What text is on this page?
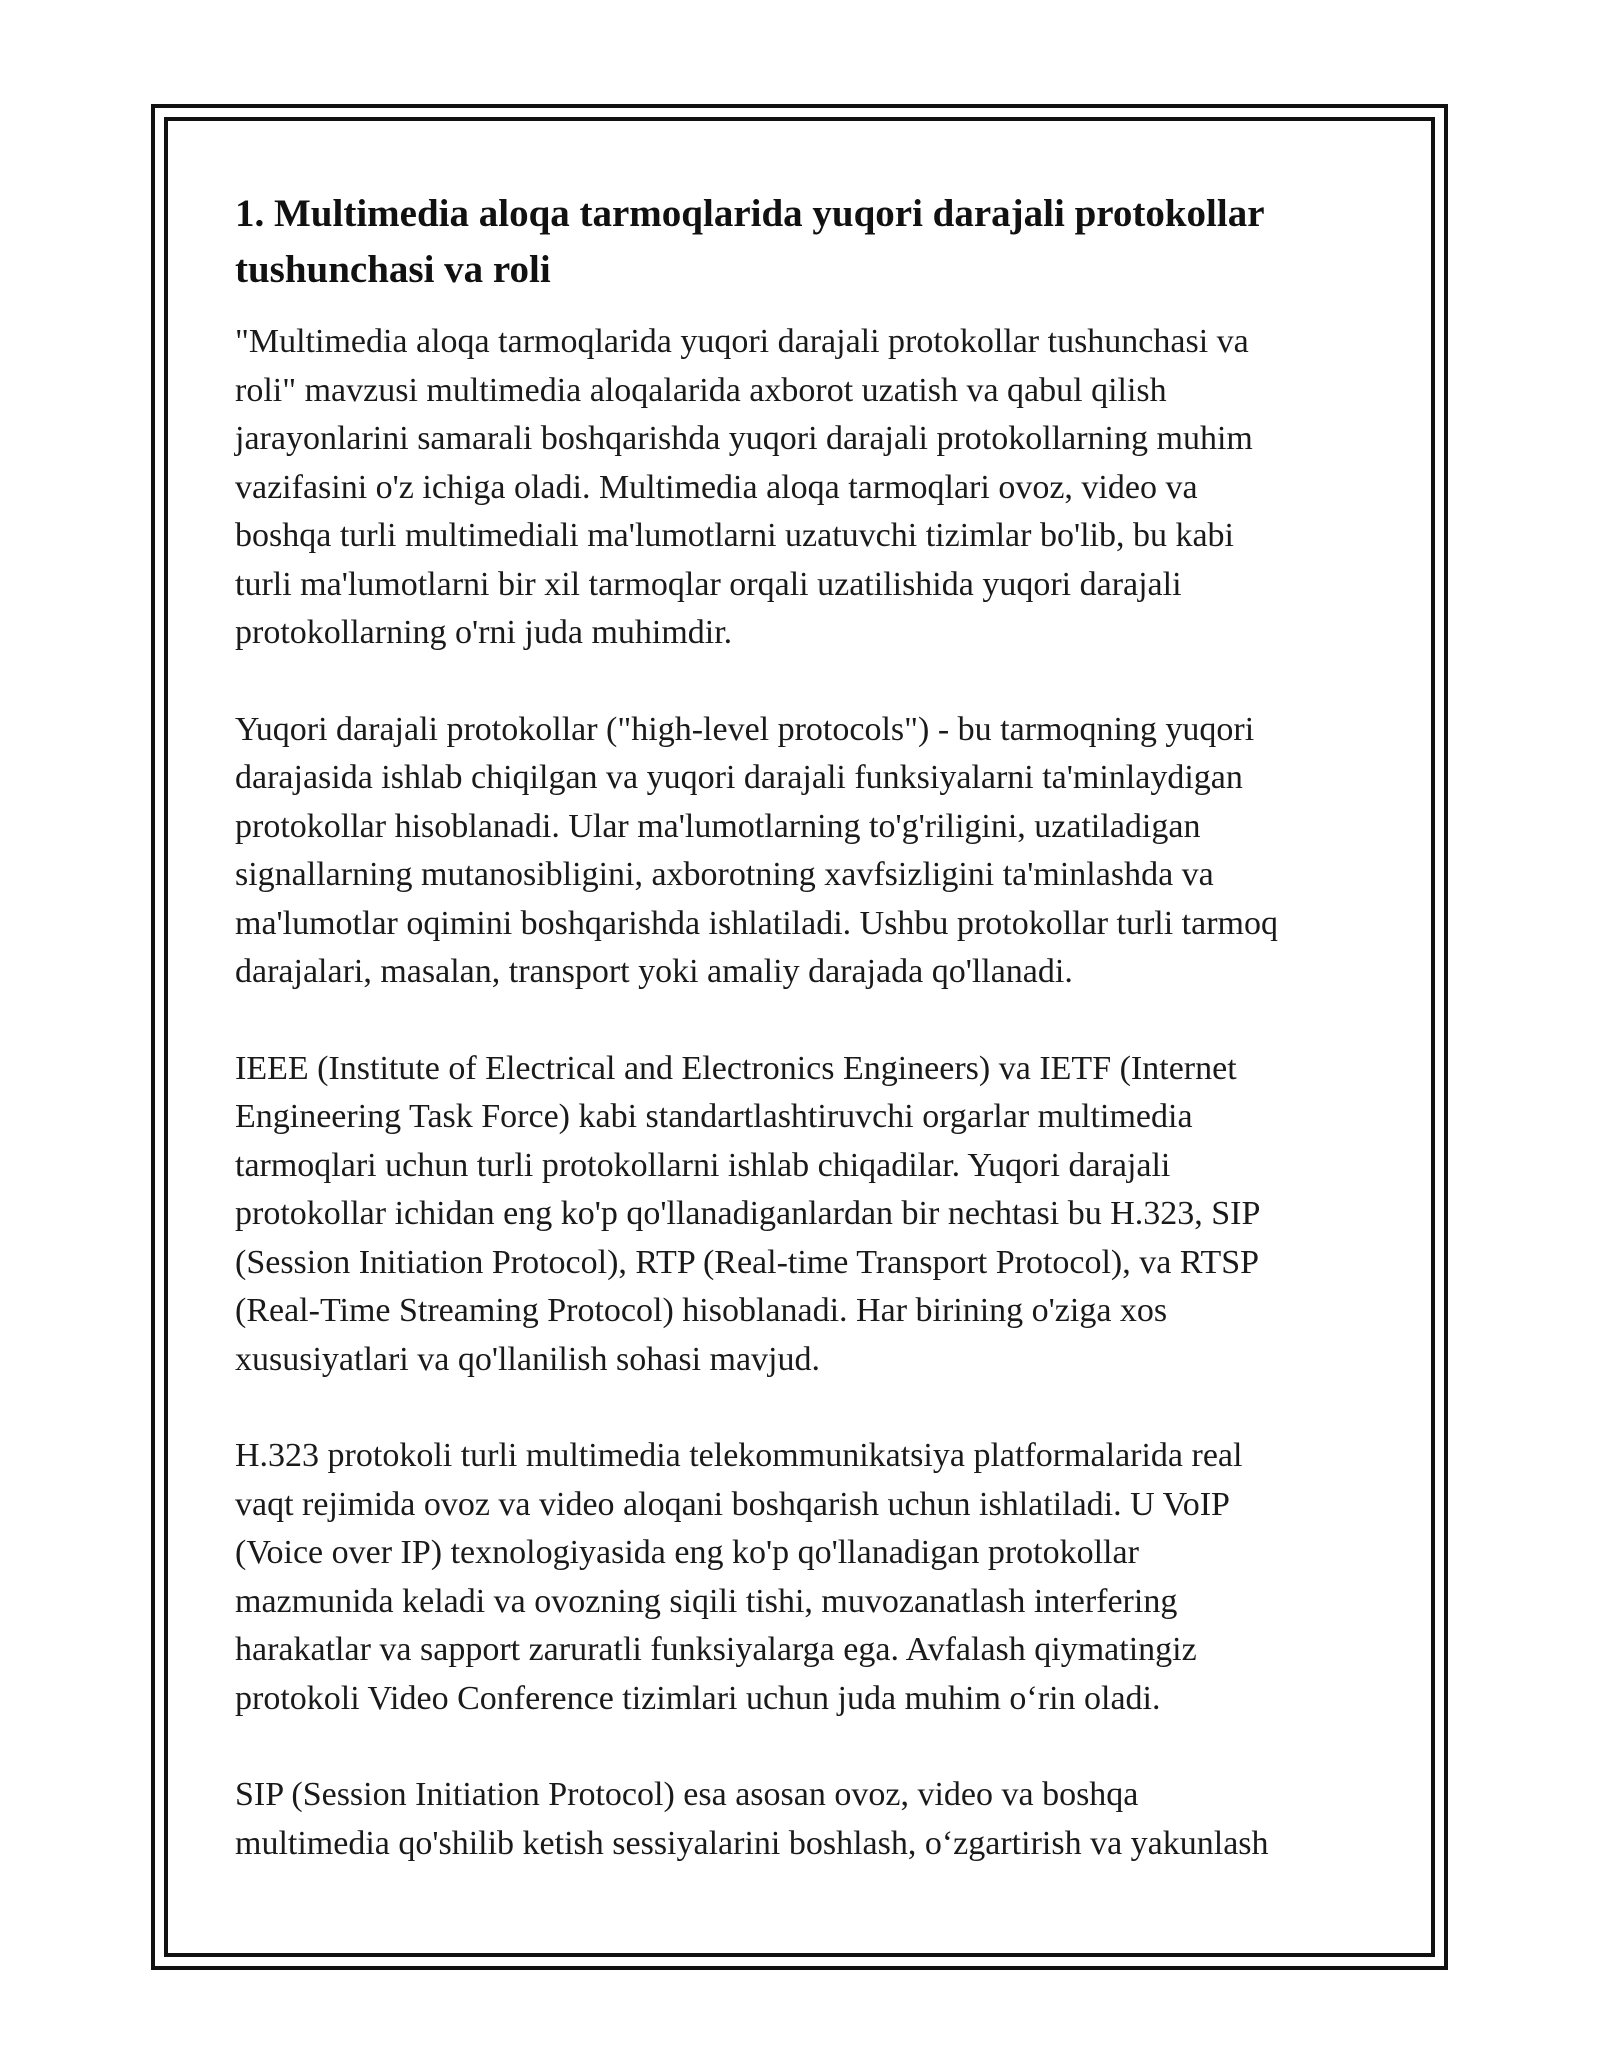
1. Multimedia aloqa tarmoqlarida yuqori darajali protokollar
tushunchasi va roli

"Multimedia aloqa tarmoqlarida yuqori darajali protokollar tushunchasi va
roli" mavzusi multimedia aloqalarida axborot uzatish va qabul qilish
jarayonlarini samarali boshqarishda yuqori darajali protokollarning muhim
vazifasini o'z ichiga oladi. Multimedia aloqa tarmoqlari ovoz, video va
boshqa turli multimediali ma'lumotlarni uzatuvchi tizimlar bo'lib, bu kabi
turli ma'lumotlarni bir xil tarmoqlar orqali uzatilishida yuqori darajali
protokollarning o'rni juda muhimdir.

Yuqori darajali protokollar ("high-level protocols") - bu tarmoqning yuqori
darajasida ishlab chiqilgan va yuqori darajali funksiyalarni ta'minlaydigan
protokollar hisoblanadi. Ular ma'lumotlarning to'g'riligini, uzatiladigan
signallarning mutanosibligini, axborotning xavfsizligini ta'minlashda va
ma'lumotlar oqimini boshqarishda ishlatiladi. Ushbu protokollar turli tarmoq
darajalari, masalan, transport yoki amaliy darajada qo'llanadi.

IEEE (Institute of Electrical and Electronics Engineers) va IETF (Internet
Engineering Task Force) kabi standartlashtiruvchi orgarlar multimedia
tarmoqlari uchun turli protokollarni ishlab chiqadilar. Yuqori darajali
protokollar ichidan eng ko'p qo'llanadiganlardan bir nechtasi bu H.323, SIP
(Session Initiation Protocol), RTP (Real-time Transport Protocol), va RTSP
(Real-Time Streaming Protocol) hisoblanadi. Har birining o'ziga xos
xususiyatlari va qo'llanilish sohasi mavjud.

H.323 protokoli turli multimedia telekommunikatsiya platformalarida real
vaqt rejimida ovoz va video aloqani boshqarish uchun ishlatiladi. U VoIP
(Voice over IP) texnologiyasida eng ko'p qo'llanadigan protokollar
mazmunida keladi va ovozning siqili tishi, muvozanatlash interfering
harakatlar va sapport zaruratli funksiyalarga ega. Avfalash qiymatingiz
protokoli Video Conference tizimlari uchun juda muhim o‘rin oladi.

SIP (Session Initiation Protocol) esa asosan ovoz, video va boshqa
multimedia qo'shilib ketish sessiyalarini boshlash, o‘zgartirish va yakunlash
